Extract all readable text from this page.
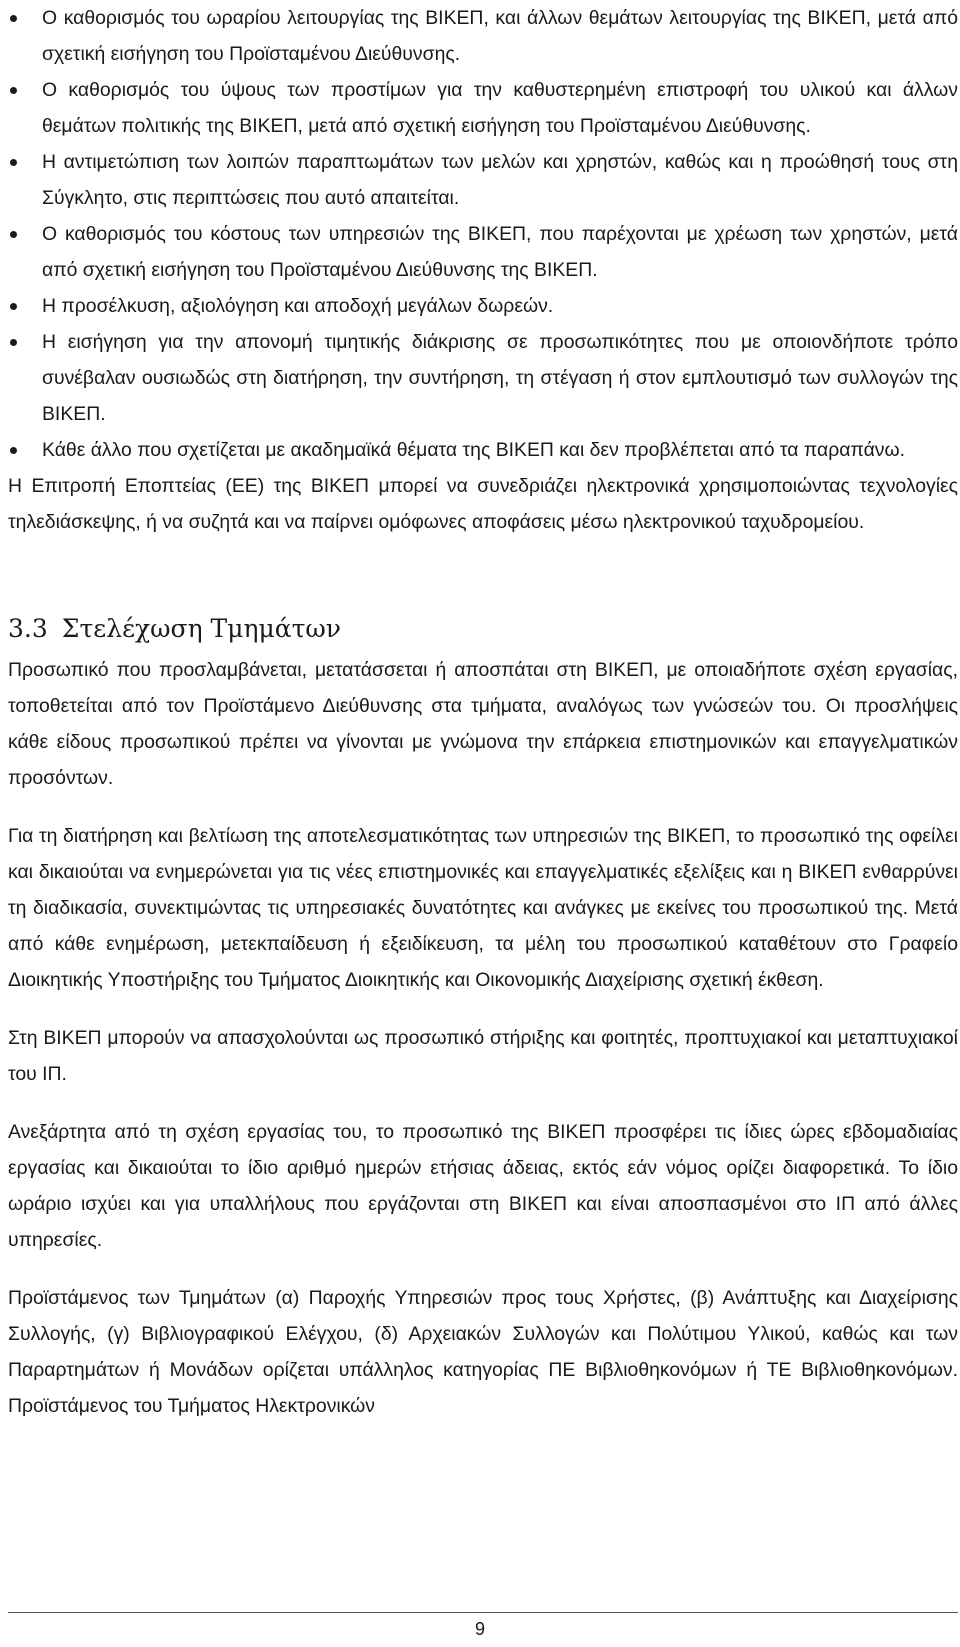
Ο καθορισμός του ωραρίου λειτουργίας της ΒΙΚΕΠ, και άλλων θεμάτων λειτουργίας της ΒΙΚΕΠ, μετά από σχετική εισήγηση του Προϊσταμένου Διεύθυνσης.
Ο καθορισμός του ύψους των προστίμων για την καθυστερημένη επιστροφή του υλικού και άλλων θεμάτων πολιτικής της ΒΙΚΕΠ, μετά από σχετική εισήγηση του Προϊσταμένου Διεύθυνσης.
Η αντιμετώπιση των λοιπών παραπτωμάτων των μελών και χρηστών, καθώς και η προώθησή τους στη Σύγκλητο, στις περιπτώσεις που αυτό απαιτείται.
Ο καθορισμός του κόστους των υπηρεσιών της ΒΙΚΕΠ, που παρέχονται με χρέωση των χρηστών, μετά από σχετική εισήγηση του Προϊσταμένου Διεύθυνσης της ΒΙΚΕΠ.
Η προσέλκυση, αξιολόγηση και αποδοχή μεγάλων δωρεών.
Η εισήγηση για την απονομή τιμητικής διάκρισης σε προσωπικότητες που με οποιονδήποτε τρόπο συνέβαλαν ουσιωδώς στη διατήρηση, την συντήρηση, τη στέγαση ή στον εμπλουτισμό των συλλογών της ΒΙΚΕΠ.
Κάθε άλλο που σχετίζεται με ακαδημαϊκά θέματα της ΒΙΚΕΠ και δεν προβλέπεται από τα παραπάνω.

Η Επιτροπή Εποπτείας (ΕΕ) της ΒΙΚΕΠ μπορεί να συνεδριάζει ηλεκτρονικά χρησιμοποιώντας τεχνολογίες τηλεδιάσκεψης, ή να συζητά και να παίρνει ομόφωνες αποφάσεις μέσω ηλεκτρονικού ταχυδρομείου.

3.3 Στελέχωση Τμημάτων

Προσωπικό που προσλαμβάνεται, μετατάσσεται ή αποσπάται στη ΒΙΚΕΠ, με οποιαδήποτε σχέση εργασίας, τοποθετείται από τον Προϊστάμενο Διεύθυνσης στα τμήματα, αναλόγως των γνώσεών του. Οι προσλήψεις κάθε είδους προσωπικού πρέπει να γίνονται με γνώμονα την επάρκεια επιστημονικών και επαγγελματικών προσόντων.

Για τη διατήρηση και βελτίωση της αποτελεσματικότητας των υπηρεσιών της ΒΙΚΕΠ, το προσωπικό της οφείλει και δικαιούται να ενημερώνεται για τις νέες επιστημονικές και επαγγελματικές εξελίξεις και η ΒΙΚΕΠ ενθαρρύνει τη διαδικασία, συνεκτιμώντας τις υπηρεσιακές δυνατότητες και ανάγκες με εκείνες του προσωπικού της. Μετά από κάθε ενημέρωση, μετεκπαίδευση ή εξειδίκευση, τα μέλη του προσωπικού καταθέτουν στο Γραφείο Διοικητικής Υποστήριξης του Τμήματος Διοικητικής και Οικονομικής Διαχείρισης σχετική έκθεση.

Στη ΒΙΚΕΠ μπορούν να απασχολούνται ως προσωπικό στήριξης και φοιτητές, προπτυχιακοί και μεταπτυχιακοί του ΙΠ.

Ανεξάρτητα από τη σχέση εργασίας του, το προσωπικό της ΒΙΚΕΠ προσφέρει τις ίδιες ώρες εβδομαδιαίας εργασίας και δικαιούται το ίδιο αριθμό ημερών ετήσιας άδειας, εκτός εάν νόμος ορίζει διαφορετικά. Το ίδιο ωράριο ισχύει και για υπαλλήλους που εργάζονται στη ΒΙΚΕΠ και είναι αποσπασμένοι στο ΙΠ από άλλες υπηρεσίες.

Προϊστάμενος των Τμημάτων (α) Παροχής Υπηρεσιών προς τους Χρήστες, (β) Ανάπτυξης και Διαχείρισης Συλλογής, (γ) Βιβλιογραφικού Ελέγχου, (δ) Αρχειακών Συλλογών και Πολύτιμου Υλικού, καθώς και των Παραρτημάτων ή Μονάδων ορίζεται υπάλληλος κατηγορίας ΠΕ Βιβλιοθηκονόμων ή ΤΕ Βιβλιοθηκονόμων. Προϊστάμενος του Τμήματος Ηλεκτρονικών

9
